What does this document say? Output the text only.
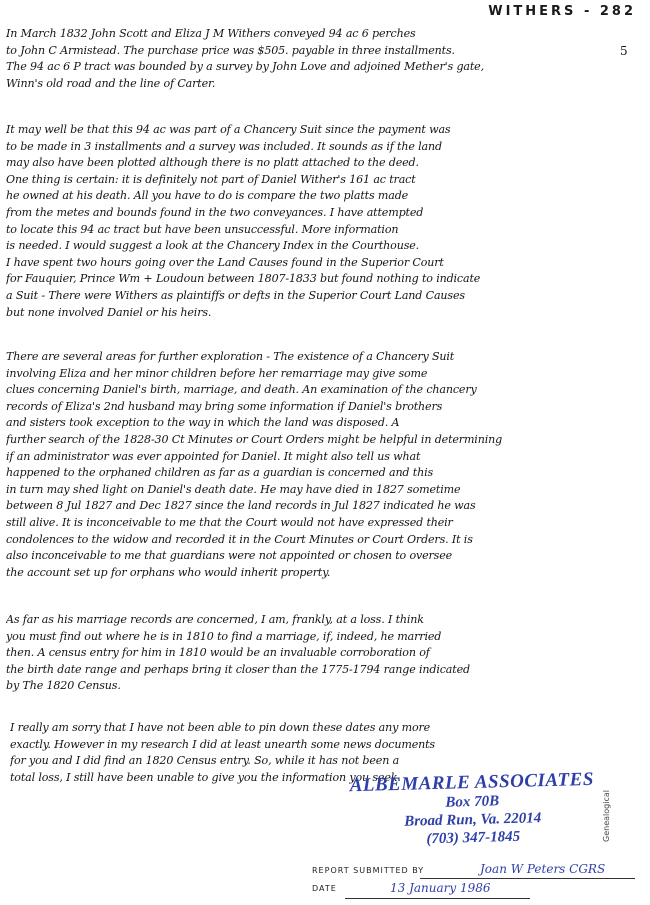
WITHERS - 282
5
In March 1832 John Scott and Eliza J M Withers conveyed 94 ac 6 perches
to John C Armistead. The purchase price was $505. payable in three installments.
The 94 ac 6 P tract was bounded by a survey by John Love and adjoined Mether's gate,
Winn's old road and the line of Carter.
It may well be that this 94 ac was part of a Chancery Suit since the payment was
to be made in 3 installments and a survey was included. It sounds as if the land
may also have been plotted although there is no platt attached to the deed.
One thing is certain: it is definitely not part of Daniel Wither's 161 ac tract
he owned at his death. All you have to do is compare the two platts made
from the metes and bounds found in the two conveyances. I have attempted
to locate this 94 ac tract but have been unsuccessful. More information
is needed. I would suggest a look at the Chancery Index in the Courthouse.
I have spent two hours going over the Land Causes found in the Superior Court
for Fauquier, Prince Wm + Loudoun between 1807-1833 but found nothing to indicate
a Suit - There were Withers as plaintiffs or defts in the Superior Court Land Causes
but none involved Daniel or his heirs.
There are several areas for further exploration - The existence of a Chancery Suit
involving Eliza and her minor children before her remarriage may give some
clues concerning Daniel's birth, marriage, and death. An examination of the chancery
records of Eliza's 2nd husband may bring some information if Daniel's brothers
and sisters took exception to the way in which the land was disposed. A
further search of the 1828-30 Ct Minutes or Court Orders might be helpful in determining
if an administrator was ever appointed for Daniel. It might also tell us what
happened to the orphaned children as far as a guardian is concerned and this
in turn may shed light on Daniel's death date. He may have died in 1827 sometime
between 8 Jul 1827 and Dec 1827 since the land records in Jul 1827 indicated he was
still alive. It is inconceivable to me that the Court would not have expressed their
condolences to the widow and recorded it in the Court Minutes or Court Orders. It is
also inconceivable to me that guardians were not appointed or chosen to oversee
the account set up for orphans who would inherit property.
As far as his marriage records are concerned, I am, frankly, at a loss. I think
you must find out where he is in 1810 to find a marriage, if, indeed, he married
then. A census entry for him in 1810 would be an invaluable corroboration of
the birth date range and perhaps bring it closer than the 1775-1794 range indicated
by The 1820 Census.
I really am sorry that I have not been able to pin down these dates any more
exactly. However in my research I did at least unearth some news documents
for you and I did find an 1820 Census entry. So, while it has not been a
total loss, I still have been unable to give you the information you seek.
ALBEMARLE ASSOCIATES
Box 70B
Broad Run, Va. 22014
(703) 347-1845	Genealogical
REPORT SUBMITTED BY	Joan W Peters CGRS
DATE	13 January 1986
